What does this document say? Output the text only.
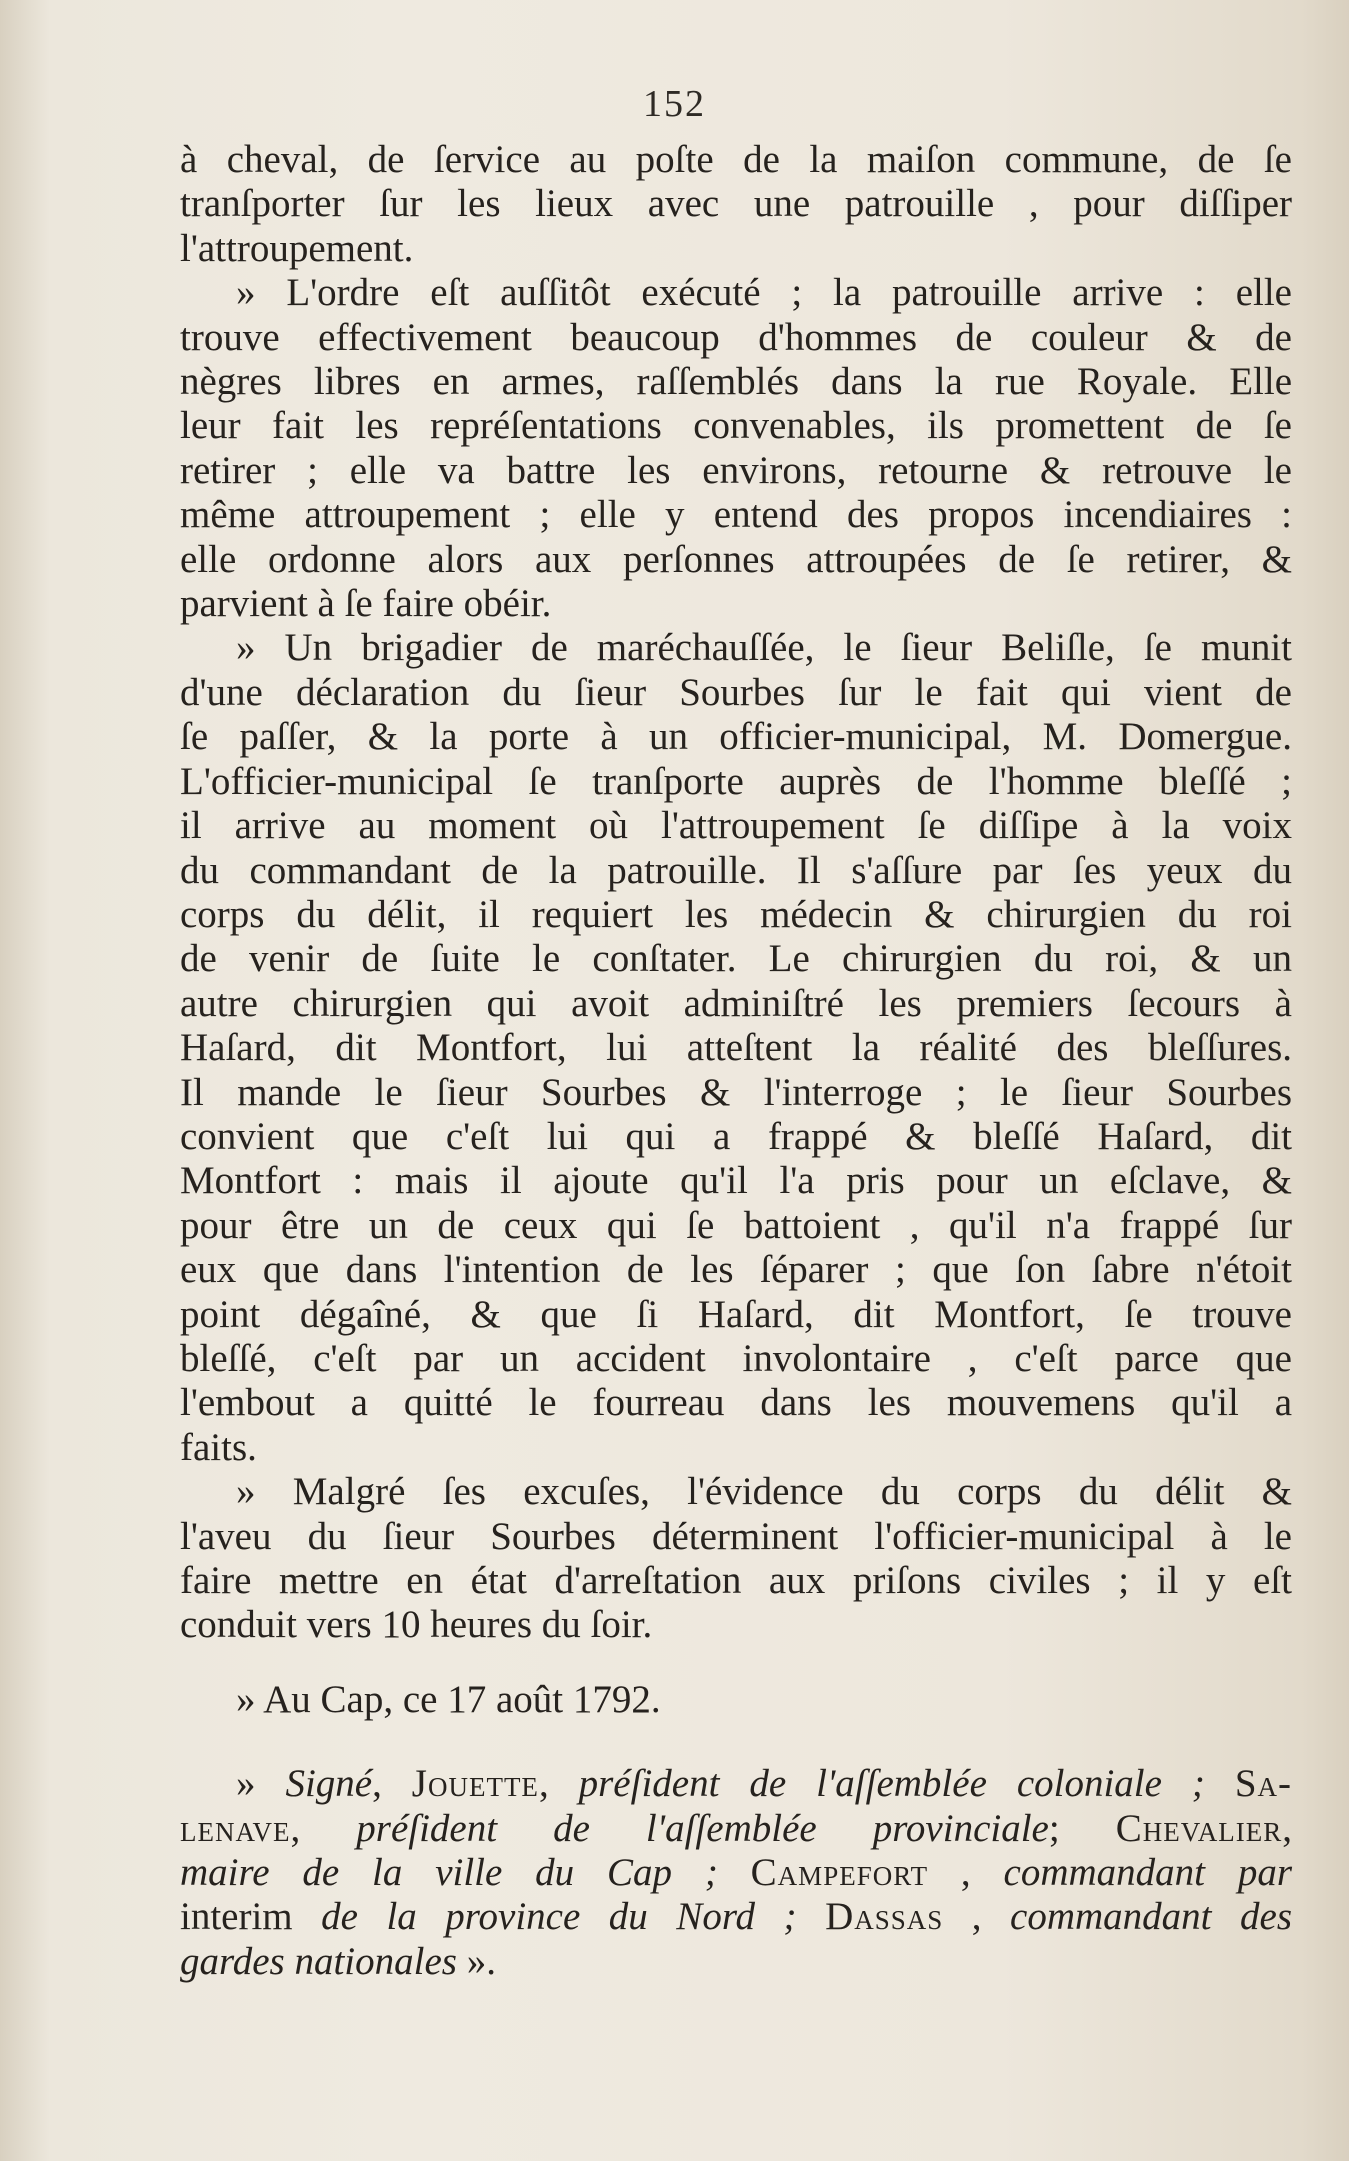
152
à cheval, de ſervice au poſte de la maiſon commune, de ſe
tranſporter ſur les lieux avec une patrouille , pour diſſiper
l'attroupement.
» L'ordre eſt auſſitôt exécuté ; la patrouille arrive : elle
trouve effectivement beaucoup d'hommes de couleur & de
nègres libres en armes, raſſemblés dans la rue Royale. Elle
leur fait les repréſentations convenables, ils promettent de ſe
retirer ; elle va battre les environs, retourne & retrouve le
même attroupement ; elle y entend des propos incendiaires :
elle ordonne alors aux perſonnes attroupées de ſe retirer, &
parvient à ſe faire obéir.
» Un brigadier de maréchauſſée, le ſieur Beliſle, ſe munit
d'une déclaration du ſieur Sourbes ſur le fait qui vient de
ſe paſſer, & la porte à un officier-municipal, M. Domergue.
L'officier-municipal ſe tranſporte auprès de l'homme bleſſé ;
il arrive au moment où l'attroupement ſe diſſipe à la voix
du commandant de la patrouille. Il s'aſſure par ſes yeux du
corps du délit, il requiert les médecin & chirurgien du roi
de venir de ſuite le conſtater. Le chirurgien du roi, & un
autre chirurgien qui avoit adminiſtré les premiers ſecours à
Haſard, dit Montfort, lui atteſtent la réalité des bleſſures.
Il mande le ſieur Sourbes & l'interroge ; le ſieur Sourbes
convient que c'eſt lui qui a frappé & bleſſé Haſard, dit
Montfort : mais il ajoute qu'il l'a pris pour un eſclave, &
pour être un de ceux qui ſe battoient , qu'il n'a frappé ſur
eux que dans l'intention de les ſéparer ; que ſon ſabre n'étoit
point dégaîné, & que ſi Haſard, dit Montfort, ſe trouve
bleſſé, c'eſt par un accident involontaire , c'eſt parce que
l'embout a quitté le fourreau dans les mouvemens qu'il a
faits.
» Malgré ſes excuſes, l'évidence du corps du délit &
l'aveu du ſieur Sourbes déterminent l'officier-municipal à le
faire mettre en état d'arreſtation aux priſons civiles ; il y eſt
conduit vers 10 heures du ſoir.
» Au Cap, ce 17 août 1792.
» Signé, Jouette, préſident de l'aſſemblée coloniale ; Sa-
lenave, préſident de l'aſſemblée provinciale; Chevalier,
maire de la ville du Cap ; Campefort , commandant par
interim de la province du Nord ; Dassas , commandant des
gardes nationales ».
